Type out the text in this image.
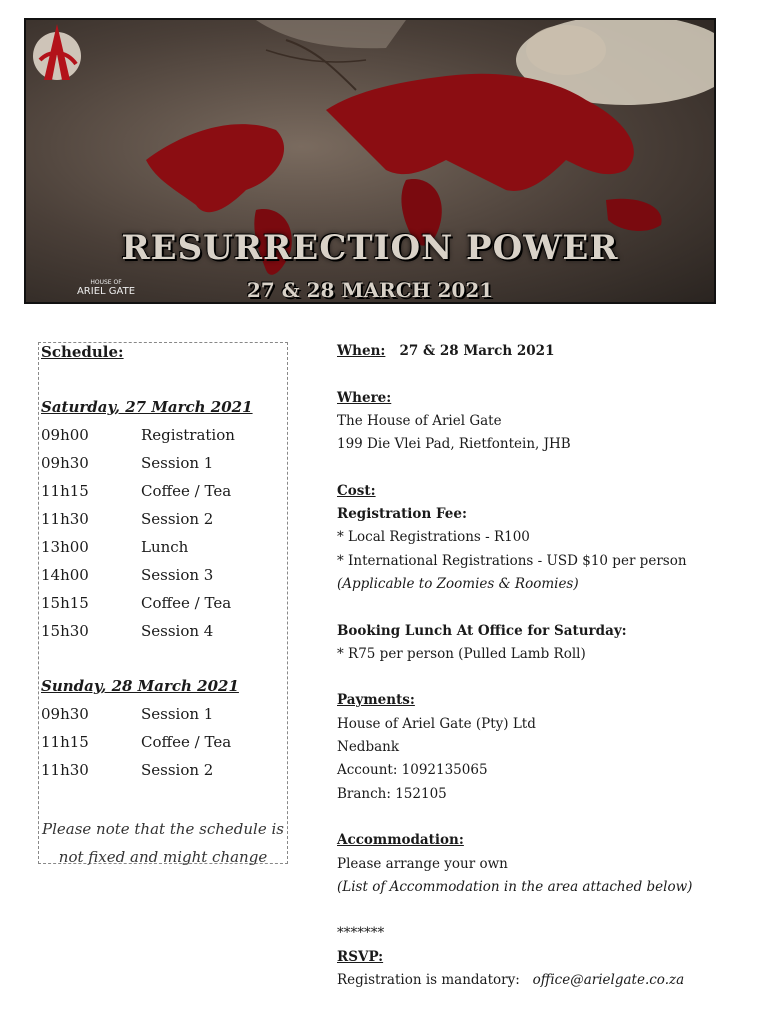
HOUSE OF
ARIEL GATE
RESURRECTION POWER
27 & 28 MARCH 2021
Schedule:
Saturday, 27 March 2021
09h00	Registration
09h30	Session 1
11h15	Coffee / Tea
11h30	Session 2
13h00	Lunch
14h00	Session 3
15h15	Coffee / Tea
15h30	Session 4
Sunday, 28 March 2021
09h30	Session 1
11h15	Coffee / Tea
11h30	Session 2
Please note that the schedule is
not fixed and might change
When: 27 & 28 March 2021
Where:
The House of Ariel Gate
199 Die Vlei Pad, Rietfontein, JHB
Cost:
Registration Fee:
* Local Registrations - R100
* International Registrations - USD $10 per person
(Applicable to Zoomies & Roomies)
Booking Lunch At Office for Saturday:
* R75 per person (Pulled Lamb Roll)
Payments:
House of Ariel Gate (Pty) Ltd
Nedbank
Account: 1092135065
Branch: 152105
Accommodation:
Please arrange your own
(List of Accommodation in the area attached below)
*******
RSVP:
Registration is mandatory: office@arielgate.co.za
